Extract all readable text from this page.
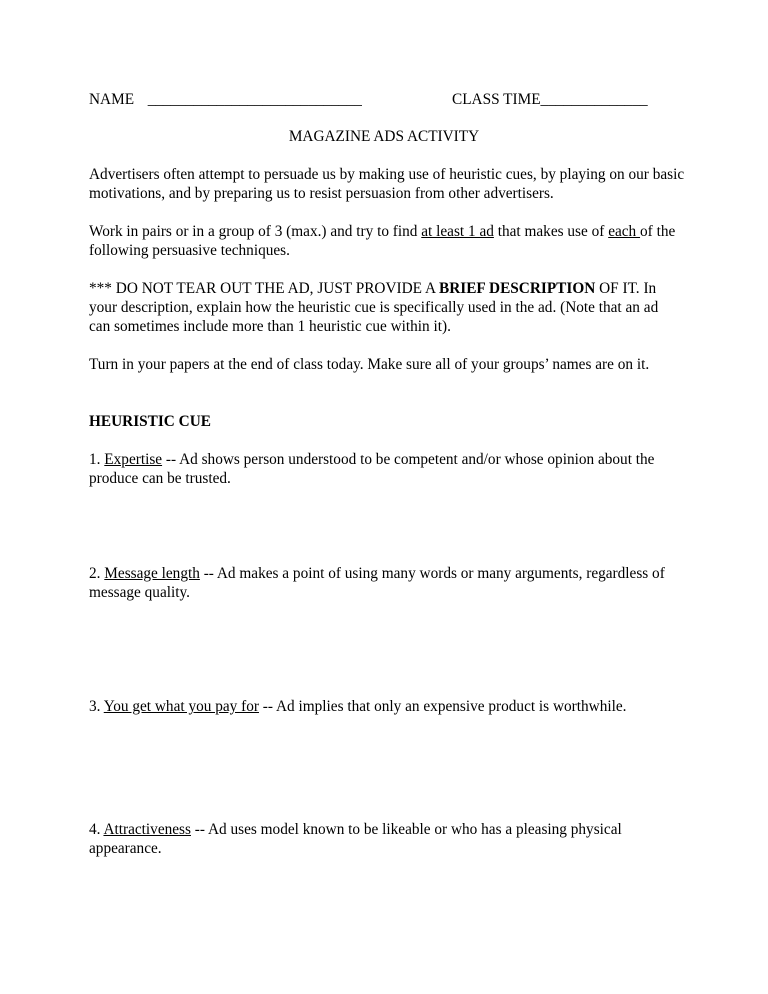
NAME ____________________________	CLASS TIME______________
MAGAZINE ADS ACTIVITY
Advertisers often attempt to persuade us by making use of heuristic cues, by playing on our basic
motivations, and by preparing us to resist persuasion from other advertisers.
Work in pairs or in a group of 3 (max.) and try to find at least 1 ad that makes use of each of the
following persuasive techniques.
*** DO NOT TEAR OUT THE AD, JUST PROVIDE A BRIEF DESCRIPTION OF IT. In
your description, explain how the heuristic cue is specifically used in the ad. (Note that an ad
can sometimes include more than 1 heuristic cue within it).
Turn in your papers at the end of class today. Make sure all of your groups’ names are on it.
HEURISTIC CUE
1. Expertise -- Ad shows person understood to be competent and/or whose opinion about the
produce can be trusted.
2. Message length -- Ad makes a point of using many words or many arguments, regardless of
message quality.
3. You get what you pay for -- Ad implies that only an expensive product is worthwhile.
4. Attractiveness -- Ad uses model known to be likeable or who has a pleasing physical
appearance.
